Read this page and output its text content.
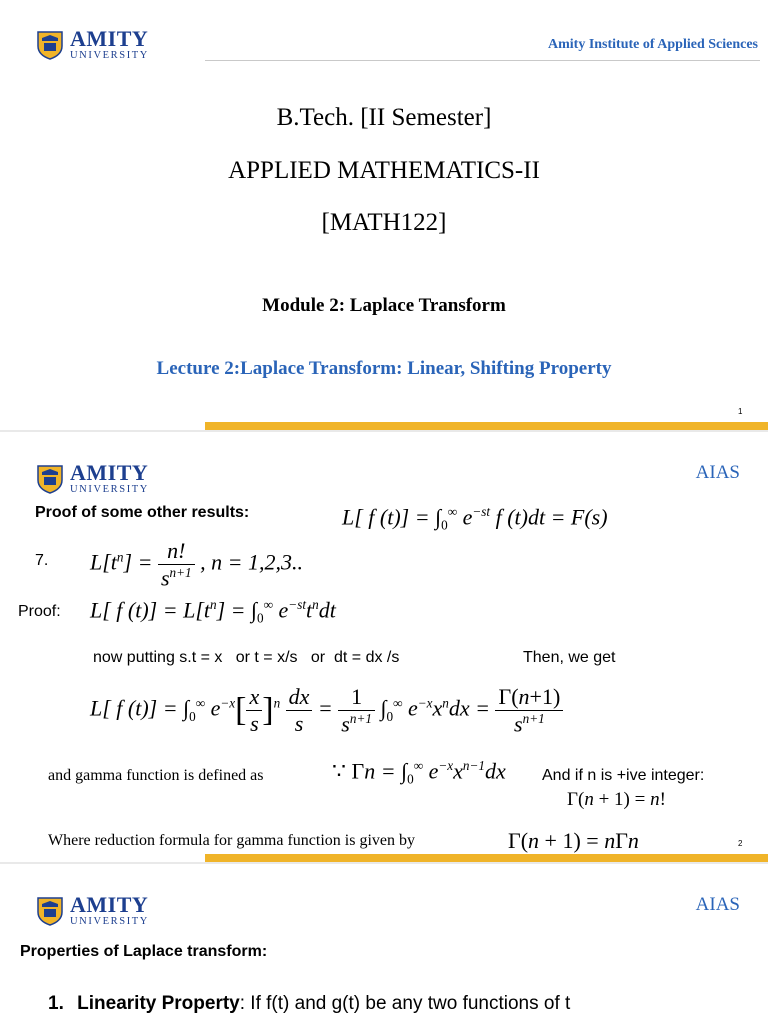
AMITY
UNIVERSITY
Amity Institute of Applied Sciences
B.Tech. [II Semester]
APPLIED MATHEMATICS-II
[MATH122]
Module 2: Laplace Transform
Lecture 2:Laplace Transform: Linear, Shifting Property
1
AMITY
UNIVERSITY
AIAS
Proof of some other results:	L[ f $(t)] = \int_0^\infty$ $e^{-st}$ f (t)dt = F(s)
7. $L[t^n] = \frac{n!}{s^{n+1}}$ , n = 1,2,3..
Proof: L[ f $(t)] = L[t^n] = \int_0^\infty$ $e^{-st}t^ndt$
now putting s.t = x   or t = x/s   or  dt = dx /s	Then, we get
L[ f $(t)] = \int_0^\infty$ $e^{-x}[ \frac{x}{s} ]^n \frac{dx}{s} = \frac{1}{s^{n+1}} \int_0^\infty$ $e^{-x}x^ndx = \frac{\Gamma(n+1)}{s^{n+1}}$
and gamma function is defined as	∵ $\Gamma n = \int_0^\infty$ $e^{-x}x^{n-1}dx$ And if n is +ive integer:
Γ(n + 1) = n!
Where reduction formula for gamma function is given by	Γ(n + 1) = nΓn	2
AMITY
UNIVERSITY
AIAS
Properties of Laplace transform:
1. Linearity Property: If f(t) and g(t) be any two functions of t
